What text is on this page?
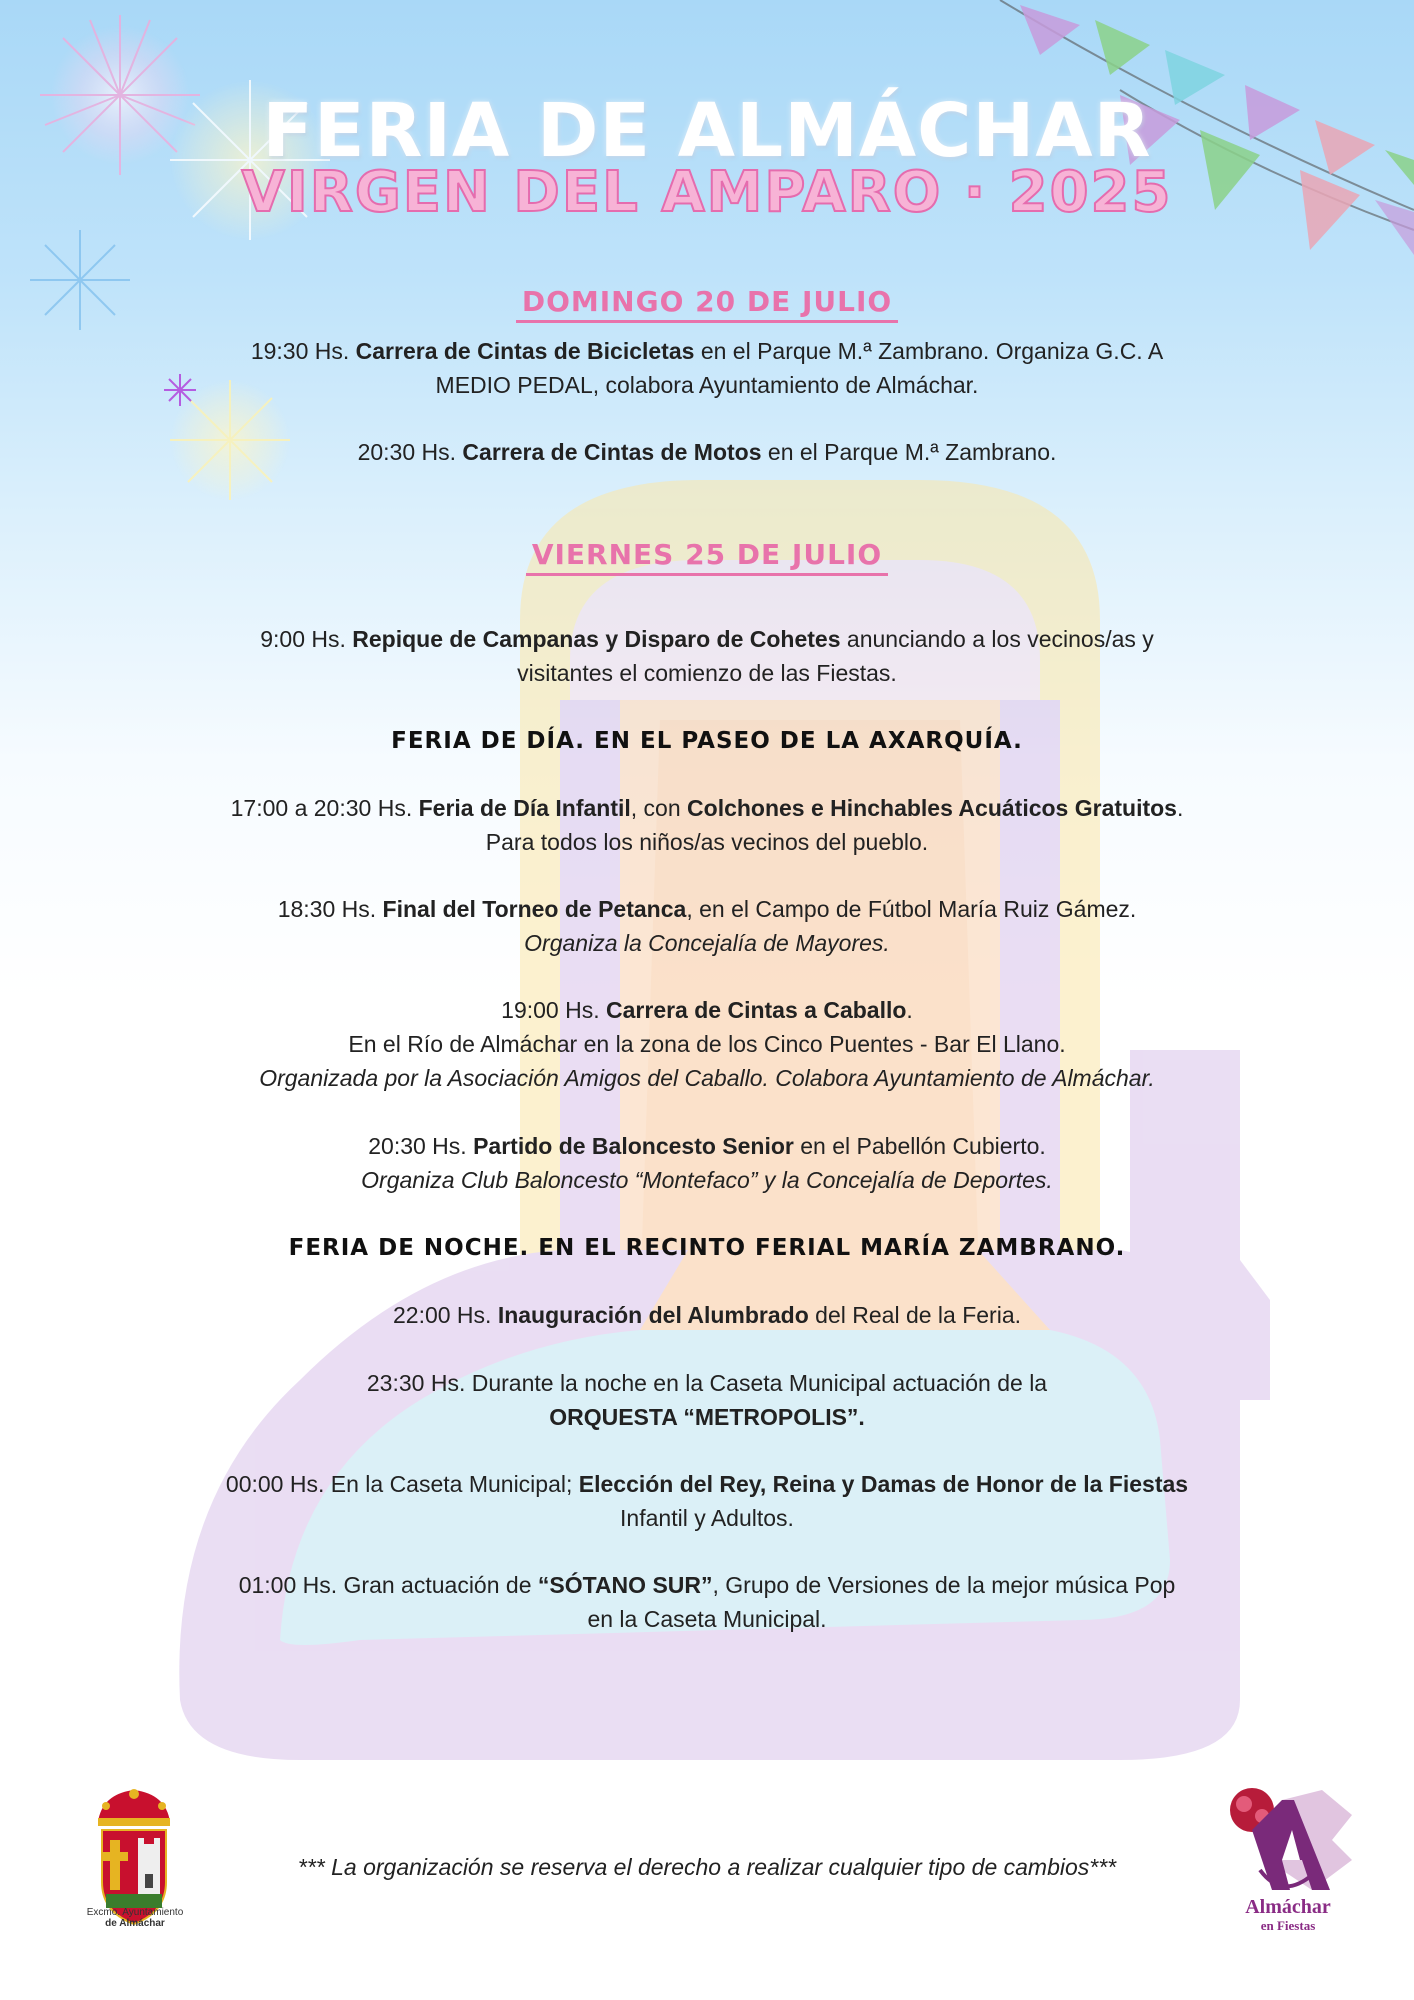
FERIA DE ALMÁCHAR
VIRGEN DEL AMPARO · 2025
DOMINGO 20 DE JULIO

19:30 Hs. Carrera de Cintas de Bicicletas en el Parque M.ª Zambrano. Organiza G.C. A

MEDIO PEDAL, colabora Ayuntamiento de Almáchar.

20:30 Hs. Carrera de Cintas de Motos en el Parque M.ª Zambrano.

VIERNES 25 DE JULIO

9:00 Hs. Repique de Campanas y Disparo de Cohetes anunciando a los vecinos/as y

visitantes el comienzo de las Fiestas.

FERIA DE DÍA. EN EL PASEO DE LA AXARQUÍA.

17:00 a 20:30 Hs. Feria de Día Infantil, con Colchones e Hinchables Acuáticos Gratuitos.

Para todos los niños/as vecinos del pueblo.

18:30 Hs. Final del Torneo de Petanca, en el Campo de Fútbol María Ruiz Gámez.

Organiza la Concejalía de Mayores.

19:00 Hs. Carrera de Cintas a Caballo.

En el Río de Almáchar en la zona de los Cinco Puentes - Bar El Llano.

Organizada por la Asociación Amigos del Caballo. Colabora Ayuntamiento de Almáchar.

20:30 Hs. Partido de Baloncesto Senior en el Pabellón Cubierto.

Organiza Club Baloncesto “Montefaco” y la Concejalía de Deportes.

FERIA DE NOCHE. EN EL RECINTO FERIAL MARÍA ZAMBRANO.

22:00 Hs. Inauguración del Alumbrado del Real de la Feria.

23:30 Hs. Durante la noche en la Caseta Municipal actuación de la

ORQUESTA “METROPOLIS”.

00:00 Hs. En la Caseta Municipal; Elección del Rey, Reina y Damas de Honor de la Fiestas

Infantil y Adultos.

01:00 Hs. Gran actuación de “SÓTANO SUR”, Grupo de Versiones de la mejor música Pop

en la Caseta Municipal.

Excmo. Ayuntamiento
de Almáchar
*** La organización se reserva el derecho a realizar cualquier tipo de cambios***
Almáchar
en Fiestas
